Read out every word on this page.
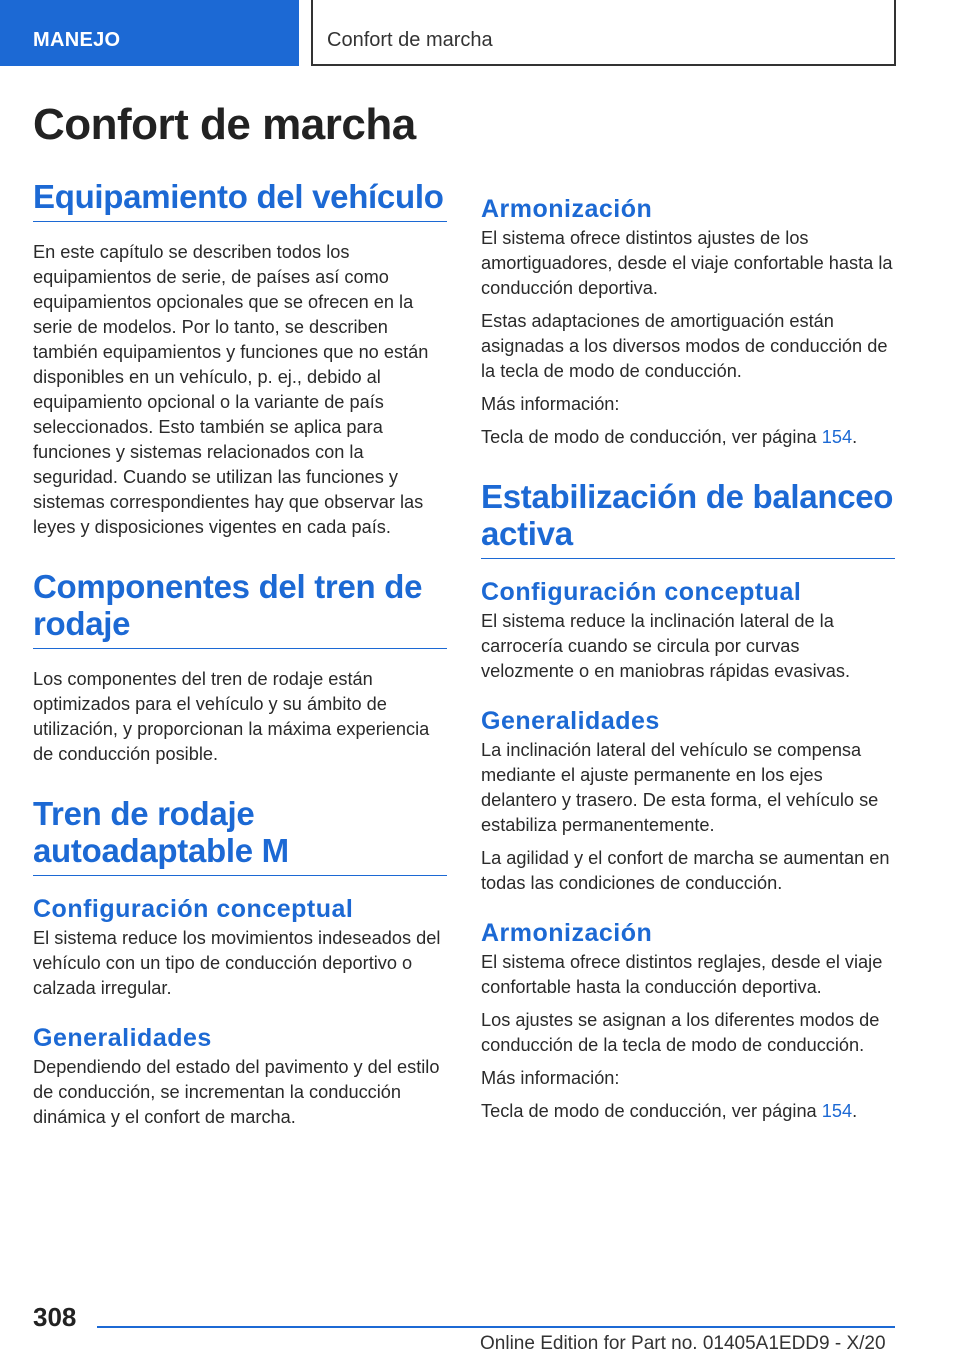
MANEJO	Confort de marcha
Confort de marcha
Equipamiento del vehículo

En este capítulo se describen todos los equipamientos de serie, de países así como equipamientos opcionales que se ofrecen en la serie de modelos. Por lo tanto, se describen también equipamientos y funciones que no están disponibles en un vehículo, p. ej., debido al equipamiento opcional o la variante de país seleccionados. Esto también se aplica para funciones y sistemas relacionados con la seguridad. Cuando se utilizan las funciones y sistemas correspondientes hay que observar las leyes y disposiciones vigentes en cada país.

Componentes del tren de rodaje

Los componentes del tren de rodaje están optimizados para el vehículo y su ámbito de utilización, y proporcionan la máxima experiencia de conducción posible.

Tren de rodaje autoadaptable M
Configuración conceptual

El sistema reduce los movimientos indeseados del vehículo con un tipo de conducción deportivo o calzada irregular.

Generalidades

Dependiendo del estado del pavimento y del estilo de conducción, se incrementan la conducción dinámica y el confort de marcha.

Armonización

El sistema ofrece distintos ajustes de los amortiguadores, desde el viaje confortable hasta la conducción deportiva.

Estas adaptaciones de amortiguación están asignadas a los diversos modos de conducción de la tecla de modo de conducción.

Más información:

Tecla de modo de conducción, ver página 154.

Estabilización de balanceo activa
Configuración conceptual

El sistema reduce la inclinación lateral de la carrocería cuando se circula por curvas velozmente o en maniobras rápidas evasivas.

Generalidades

La inclinación lateral del vehículo se compensa mediante el ajuste permanente en los ejes delantero y trasero. De esta forma, el vehículo se estabiliza permanentemente.

La agilidad y el confort de marcha se aumentan en todas las condiciones de conducción.

Armonización

El sistema ofrece distintos reglajes, desde el viaje confortable hasta la conducción deportiva.

Los ajustes se asignan a los diferentes modos de conducción de la tecla de modo de conducción.

Más información:

Tecla de modo de conducción, ver página 154.

308
Online Edition for Part no. 01405A1EDD9 - X/20
